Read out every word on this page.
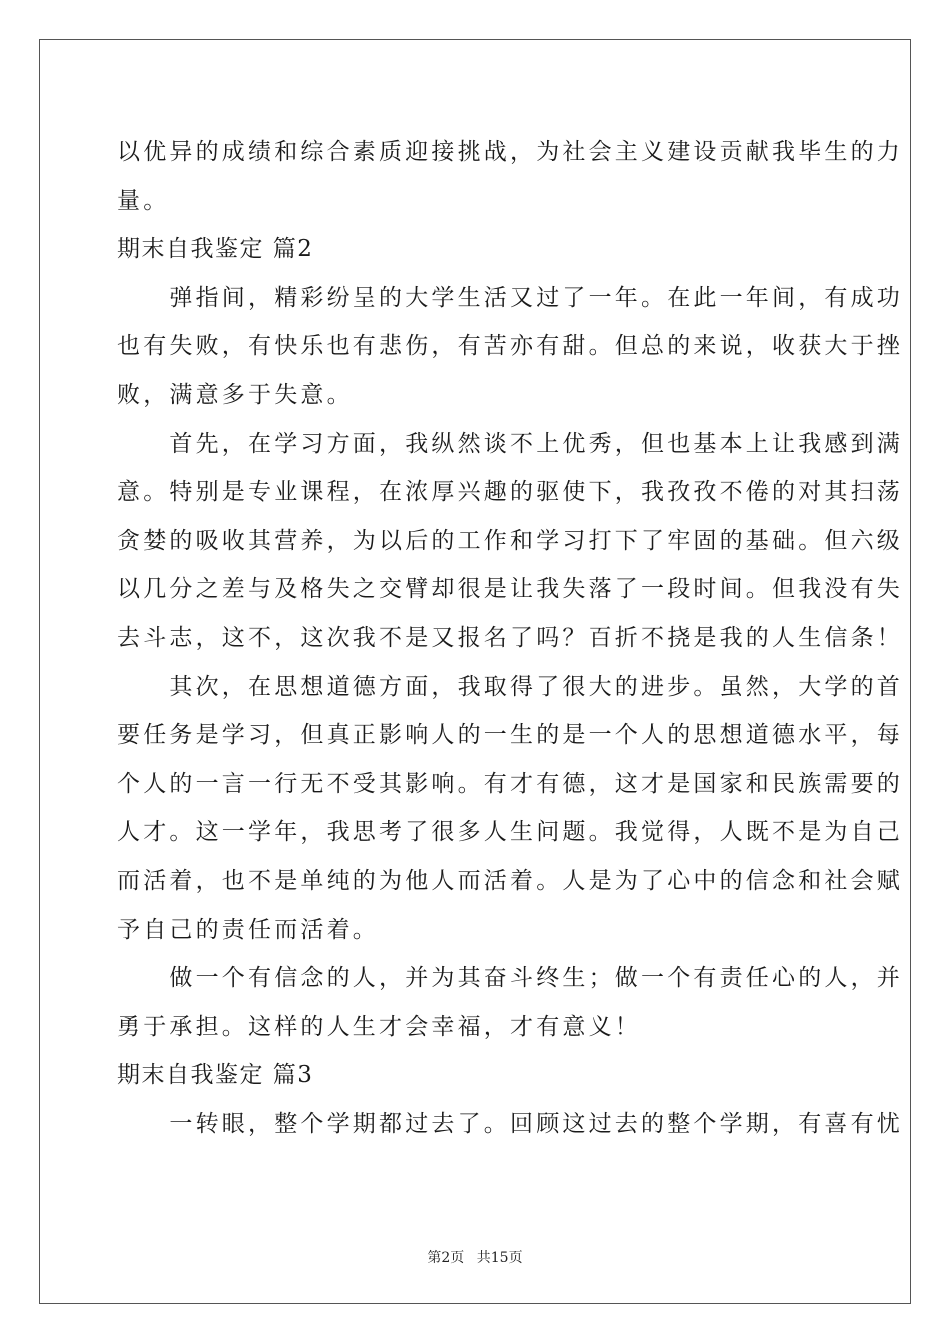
以优异的成绩和综合素质迎接挑战，为社会主义建设贡献我毕生的力
量。
期末自我鉴定 篇2
　　弹指间，精彩纷呈的大学生活又过了一年。在此一年间，有成功
也有失败，有快乐也有悲伤，有苦亦有甜。但总的来说，收获大于挫
败，满意多于失意。
　　首先，在学习方面，我纵然谈不上优秀，但也基本上让我感到满
意。特别是专业课程，在浓厚兴趣的驱使下，我孜孜不倦的对其扫荡
贪婪的吸收其营养，为以后的工作和学习打下了牢固的基础。但六级
以几分之差与及格失之交臂却很是让我失落了一段时间。但我没有失
去斗志，这不，这次我不是又报名了吗？百折不挠是我的人生信条！
　　其次，在思想道德方面，我取得了很大的进步。虽然，大学的首
要任务是学习，但真正影响人的一生的是一个人的思想道德水平，每
个人的一言一行无不受其影响。有才有德，这才是国家和民族需要的
人才。这一学年，我思考了很多人生问题。我觉得，人既不是为自己
而活着，也不是单纯的为他人而活着。人是为了心中的信念和社会赋
予自己的责任而活着。
　　做一个有信念的人，并为其奋斗终生；做一个有责任心的人，并
勇于承担。这样的人生才会幸福，才有意义！
期末自我鉴定 篇3
　　一转眼，整个学期都过去了。回顾这过去的整个学期，有喜有忧
第2页 共15页
